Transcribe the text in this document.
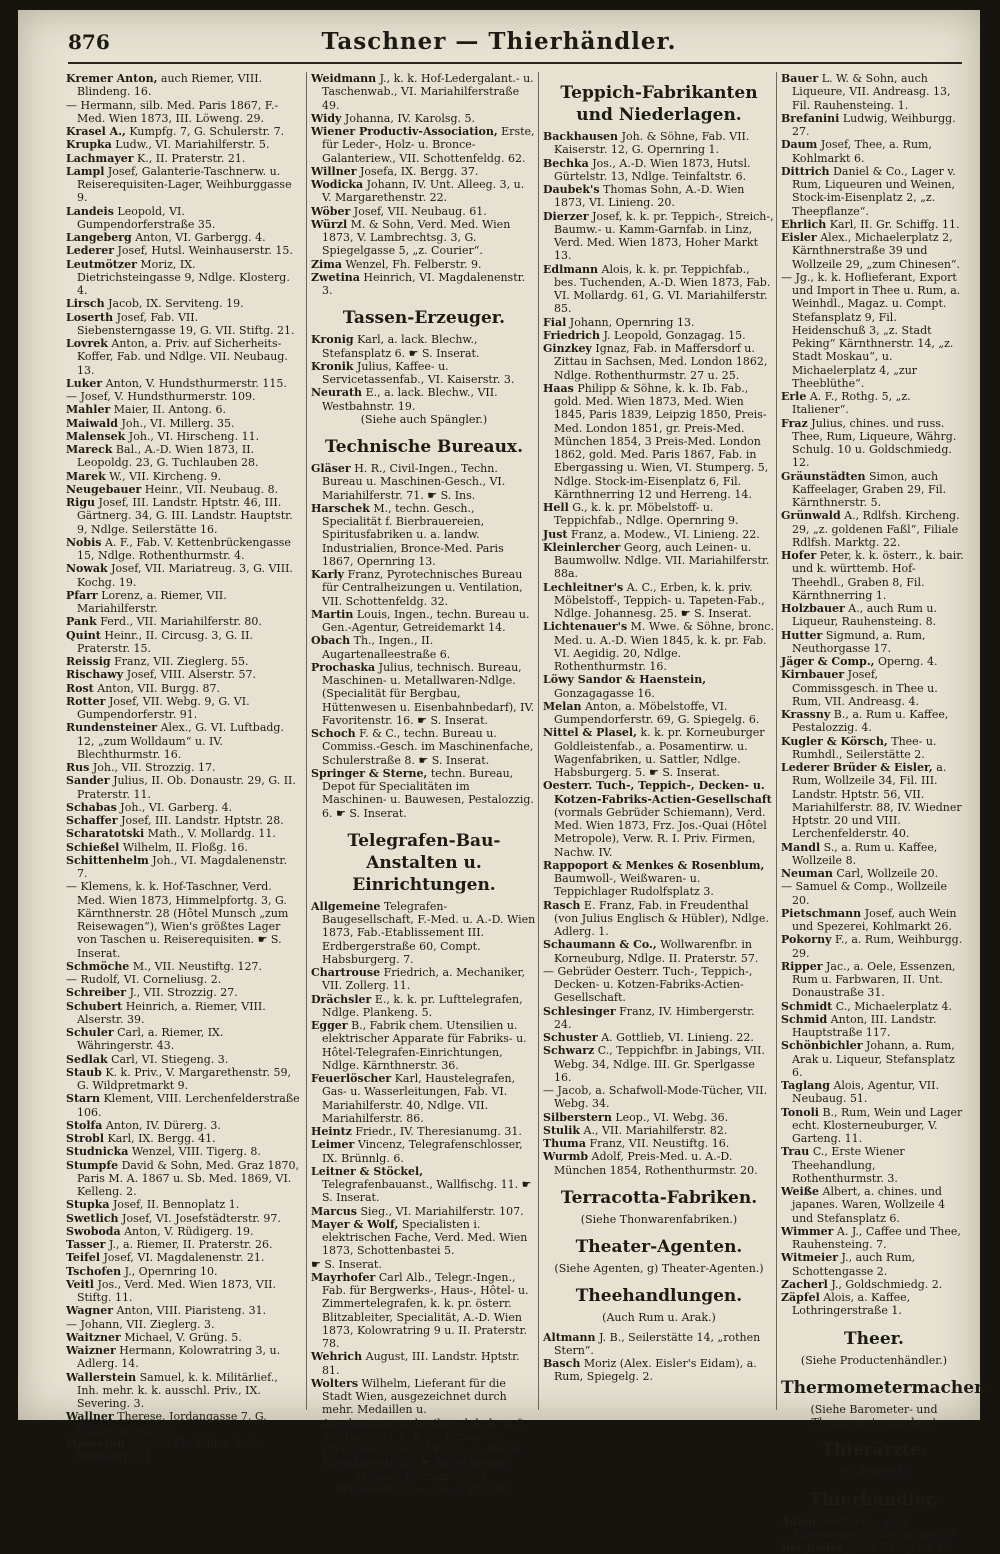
876	Taschner — Thierhändler.

Kremer Anton, auch Riemer, VIII. Blindeng. 16.

— Hermann, silb. Med. Paris 1867, F.-Med. Wien 1873, III. Löweng. 29.

Krasel A., Kumpfg. 7, G. Schulerstr. 7.

Krupka Ludw., VI. Mariahilferstr. 5.

Lachmayer K., II. Praterstr. 21.

Lampl Josef, Galanterie-Taschnerw. u. Reiserequisiten-Lager, Weihburggasse 9.

Landeis Leopold, VI. Gumpendorferstraße 35.

Langeberg Anton, VI. Garbergg. 4.

Lederer Josef, Hutsl. Weinhauserstr. 15.

Leutmötzer Moriz, IX. Dietrichsteingasse 9, Ndlge. Klosterg. 4.

Lirsch Jacob, IX. Serviteng. 19.

Loserth Josef, Fab. VII. Siebensterngasse 19, G. VII. Stiftg. 21.

Lovrek Anton, a. Priv. auf Sicherheits-Koffer, Fab. und Ndlge. VII. Neubaug. 13.

Luker Anton, V. Hundsthurmerstr. 115.

— Josef, V. Hundsthurmerstr. 109.

Mahler Maier, II. Antong. 6.

Maiwald Joh., VI. Millerg. 35.

Malensek Joh., VI. Hirscheng. 11.

Mareck Bal., A.-D. Wien 1873, II. Leopoldg. 23, G. Tuchlauben 28.

Marek W., VII. Kircheng. 9.

Neugebauer Heinr., VII. Neubaug. 8.

Rigu Josef, III. Landstr. Hptstr. 46, III. Gärtnerg. 34, G. III. Landstr. Hauptstr. 9, Ndlge. Seilerstätte 16.

Nobis A. F., Fab. V. Kettenbrückengasse 15, Ndlge. Rothenthurmstr. 4.

Nowak Josef, VII. Mariatreug. 3, G. VIII. Kochg. 19.

Pfarr Lorenz, a. Riemer, VII. Mariahilferstr.

Pank Ferd., VII. Mariahilferstr. 80.

Quint Heinr., II. Circusg. 3, G. II. Praterstr. 15.

Reissig Franz, VII. Zieglerg. 55.

Rischawy Josef, VIII. Alserstr. 57.

Rost Anton, VII. Burgg. 87.

Rotter Josef, VII. Webg. 9, G. VI. Gumpendorferstr. 91.

Rundensteiner Alex., G. VI. Luftbadg. 12, „zum Wolldaum“ u. IV. Blechthurmstr. 16.

Rus Joh., VII. Strozzig. 17.

Sander Julius, II. Ob. Donaustr. 29, G. II. Praterstr. 11.

Schabas Joh., VI. Garberg. 4.

Schaffer Josef, III. Landstr. Hptstr. 28.

Scharatotski Math., V. Mollardg. 11.

Schießel Wilhelm, II. Floßg. 16.

Schittenhelm Joh., VI. Magdalenenstr. 7.

— Klemens, k. k. Hof-Taschner, Verd. Med. Wien 1873, Himmelpfortg. 3, G. Kärnthnerstr. 28 (Hôtel Munsch „zum Reisewagen“), Wien's größtes Lager von Taschen u. Reiserequisiten. ☛ S. Inserat.

Schmöche M., VII. Neustiftg. 127.

— Rudolf, VI. Corneliusg. 2.

Schreiber J., VII. Strozzig. 27.

Schubert Heinrich, a. Riemer, VIII. Alserstr. 39.

Schuler Carl, a. Riemer, IX. Währingerstr. 43.

Sedlak Carl, VI. Stiegeng. 3.

Staub K. k. Priv., V. Margarethenstr. 59, G. Wildpretmarkt 9.

Starn Klement, VIII. Lerchenfelderstraße 106.

Stolfa Anton, IV. Dürerg. 3.

Strobl Karl, IX. Bergg. 41.

Studnicka Wenzel, VIII. Tigerg. 8.

Stumpfe David & Sohn, Med. Graz 1870, Paris M. A. 1867 u. Sb. Med. 1869, VI. Kelleng. 2.

Stupka Josef, II. Bennoplatz 1.

Swetlich Josef, VI. Josefstädterstr. 97.

Swoboda Anton, V. Rüdigerg. 19.

Tasser J., a. Riemer, II. Praterstr. 26.

Teifel Josef, VI. Magdalenenstr. 21.

Tschofen J., Opernring 10.

Veitl Jos., Verd. Med. Wien 1873, VII. Stiftg. 11.

Wagner Anton, VIII. Piaristeng. 31.

— Johann, VII. Zieglerg. 3.

Waitzner Michael, V. Grüng. 5.

Waizner Hermann, Kolowratring 3, u. Adlerg. 14.

Wallerstein Samuel, k. k. Militärlief., Inh. mehr. k. k. ausschl. Priv., IX. Severing. 3.

Wallner Therese, Jordangasse 7, G. Goldschmiedg. 2.

Wasserab Johann, Fh. Zinkg. 9, G. Weihburgg. 1.

Weidmann J., k. k. Hof-Ledergalant.- u. Taschenwab., VI. Mariahilferstraße 49.

Widy Johanna, IV. Karolsg. 5.

Wiener Productiv-Association, Erste, für Leder-, Holz- u. Bronce-Galanteriew., VII. Schottenfeldg. 62.

Willner Josefa, IX. Bergg. 37.

Wodicka Johann, IV. Unt. Alleeg. 3, u. V. Margarethenstr. 22.

Wöber Josef, VII. Neubaug. 61.

Würzl M. & Sohn, Verd. Med. Wien 1873, V. Lambrechtsg. 3, G. Spiegelgasse 5, „z. Courier“.

Zima Wenzel, Fh. Felberstr. 9.

Zwetina Heinrich, VI. Magdalenenstr. 3.

Tassen-Erzeuger.

Kronig Karl, a. lack. Blechw., Stefansplatz 6. ☛ S. Inserat.

Kronik Julius, Kaffee- u. Servicetassenfab., VI. Kaiserstr. 3.

Neurath E., a. lack. Blechw., VII. Westbahnstr. 19.

(Siehe auch Spängler.)

Technische Bureaux.

Gläser H. R., Civil-Ingen., Techn. Bureau u. Maschinen-Gesch., VI. Mariahilferstr. 71. ☛ S. Ins.

Harschek M., techn. Gesch., Specialität f. Bierbrauereien, Spiritusfabriken u. a. landw. Industrialien, Bronce-Med. Paris 1867, Opernring 13.

Karly Franz, Pyrotechnisches Bureau für Centralheizungen u. Ventilation, VII. Schottenfeldg. 32.

Martin Louis, Ingen., techn. Bureau u. Gen.-Agentur, Getreidemarkt 14.

Obach Th., Ingen., II. Augartenalleestraße 6.

Prochaska Julius, technisch. Bureau, Maschinen- u. Metallwaren-Ndlge. (Specialität für Bergbau, Hüttenwesen u. Eisenbahnbedarf), IV. Favoritenstr. 16. ☛ S. Inserat.

Schoch F. & C., techn. Bureau u. Commiss.-Gesch. im Maschinenfache, Schulerstraße 8. ☛ S. Inserat.

Springer & Sterne, techn. Bureau, Depot für Specialitäten im Maschinen- u. Bauwesen, Pestalozzig. 6. ☛ S. Inserat.

Telegrafen-Bau-Anstalten u. Einrichtungen.

Allgemeine Telegrafen-Baugesellschaft, F.-Med. u. A.-D. Wien 1873, Fab.-Etablissement III. Erdbergerstraße 60, Compt. Habsburgerg. 7.

Chartrouse Friedrich, a. Mechaniker, VII. Zollerg. 11.

Drächsler E., k. k. pr. Lufttelegrafen, Ndlge. Plankeng. 5.

Egger B., Fabrik chem. Utensilien u. elektrischer Apparate für Fabriks- u. Hôtel-Telegrafen-Einrichtungen, Ndlge. Kärnthnerstr. 36.

Feuerlöscher Karl, Haustelegrafen, Gas- u. Wasserleitungen, Fab. VI. Mariahilferstr. 40, Ndlge. VII. Mariahilferstr. 86.

Heintz Friedr., IV. Theresianumg. 31.

Leimer Vincenz, Telegrafenschlosser, IX. Brünnlg. 6.

Leitner & Stöckel, Telegrafenbauanst., Wallfischg. 11. ☛ S. Inserat.

Marcus Sieg., VI. Mariahilferstr. 107.

Mayer & Wolf, Specialisten i. elektrischen Fache, Verd. Med. Wien 1873, Schottenbastei 5.

☛ S. Inserat.

Mayrhofer Carl Alb., Telegr.-Ingen., Fab. für Bergwerks-, Haus-, Hôtel- u. Zimmertelegrafen, k. k. pr. österr. Blitzableiter, Specialität, A.-D. Wien 1873, Kolowratring 9 u. II. Praterstr. 78.

Wehrich August, III. Landstr. Hptstr. 81.

Wolters Wilhelm, Lieferant für die Stadt Wien, ausgezeichnet durch mehr. Medaillen u. Anerkennungsschreiben d. k. k. n. ö. Statthalterei, k. k. pr. Zimmer- u. Haus-Telegrafen, V. Kohlg. 3, Ndlge. Kärnthnerstr. 20. ☛ Siehe Inserat.

(S. auch Instrumente: 2. Mathematische, opt. u. physik.)

Teppich-Fabrikanten und Niederlagen.

Backhausen Joh. & Söhne, Fab. VII. Kaiserstr. 12, G. Opernring 1.

Bechka Jos., A.-D. Wien 1873, Hutsl. Gürtelstr. 13, Ndlge. Teinfaltstr. 6.

Daubek's Thomas Sohn, A.-D. Wien 1873, VI. Linieng. 20.

Dierzer Josef, k. k. pr. Teppich-, Streich-, Baumw.- u. Kamm-Garnfab. in Linz, Verd. Med. Wien 1873, Hoher Markt 13.

Edlmann Alois, k. k. pr. Teppichfab., bes. Tuchenden, A.-D. Wien 1873, Fab. VI. Mollardg. 61, G. VI. Mariahilferstr. 85.

Fial Johann, Opernring 13.

Friedrich J. Leopold, Gonzagag. 15.

Ginzkey Ignaz, Fab. in Maffersdorf u. Zittau in Sachsen, Med. London 1862, Ndlge. Rothenthurmstr. 27 u. 25.

Haas Philipp & Söhne, k. k. Ib. Fab., gold. Med. Wien 1873, Med. Wien 1845, Paris 1839, Leipzig 1850, Preis-Med. London 1851, gr. Preis-Med. München 1854, 3 Preis-Med. London 1862, gold. Med. Paris 1867, Fab. in Ebergassing u. Wien, VI. Stumperg. 5, Ndlge. Stock-im-Eisenplatz 6, Fil. Kärnthnerring 12 und Herreng. 14.

Hell G., k. k. pr. Möbelstoff- u. Teppichfab., Ndlge. Opernring 9.

Just Franz, a. Modew., VI. Linieng. 22.

Kleinlercher Georg, auch Leinen- u. Baumwollw. Ndlge. VII. Mariahilferstr. 88a.

Lechleitner's A. C., Erben, k. k. priv. Möbelstoff-, Teppich- u. Tapeten-Fab., Ndlge. Johannesg. 25. ☛ S. Inserat.

Lichtenauer's M. Wwe. & Söhne, bronc. Med. u. A.-D. Wien 1845, k. k. pr. Fab. VI. Aegidig. 20, Ndlge. Rothenthurmstr. 16.

Löwy Sandor & Haenstein, Gonzagagasse 16.

Melan Anton, a. Möbelstoffe, VI. Gumpendorferstr. 69, G. Spiegelg. 6.

Nittel & Plasel, k. k. pr. Korneuburger Goldleistenfab., a. Posamentirw. u. Wagenfabriken, u. Sattler, Ndlge. Habsburgerg. 5. ☛ S. Inserat.

Oesterr. Tuch-, Teppich-, Decken- u. Kotzen-Fabriks-Actien-Gesellschaft (vormals Gebrüder Schiemann), Verd. Med. Wien 1873, Frz. Jos.-Quai (Hôtel Metropole), Verw. R. I. Priv. Firmen, Nachw. IV.

Rappoport & Menkes & Rosenblum, Baumwoll-, Weißwaren- u. Teppichlager Rudolfsplatz 3.

Rasch E. Franz, Fab. in Freudenthal (von Julius Englisch & Hübler), Ndlge. Adlerg. 1.

Schaumann & Co., Wollwarenfbr. in Korneuburg, Ndlge. II. Praterstr. 57.

— Gebrüder Oesterr. Tuch-, Teppich-, Decken- u. Kotzen-Fabriks-Actien-Gesellschaft.

Schlesinger Franz, IV. Himbergerstr. 24.

Schuster A. Gottlieb, VI. Linieng. 22.

Schwarz C., Teppichfbr. in Jabings, VII. Webg. 34, Ndlge. III. Gr. Sperlgasse 16.

— Jacob, a. Schafwoll-Mode-Tücher, VII. Webg. 34.

Silberstern Leop., VI. Webg. 36.

Stulik A., VII. Mariahilferstr. 82.

Thuma Franz, VII. Neustiftg. 16.

Wurmb Adolf, Preis-Med. u. A.-D. München 1854, Rothenthurmstr. 20.

Terracotta-Fabriken.

(Siehe Thonwarenfabriken.)

Theater-Agenten.

(Siehe Agenten, g) Theater-Agenten.)

Theehandlungen.

(Auch Rum u. Arak.)

Altmann J. B., Seilerstätte 14, „rothen Stern“.

Basch Moriz (Alex. Eisler's Eidam), a. Rum, Spiegelg. 2.

Bauer L. W. & Sohn, auch Liqueure, VII. Andreasg. 13, Fil. Rauhensteing. 1.

Brefanini Ludwig, Weihburgg. 27.

Daum Josef, Thee, a. Rum, Kohlmarkt 6.

Dittrich Daniel & Co., Lager v. Rum, Liqueuren und Weinen, Stock-im-Eisenplatz 2, „z. Theepflanze“.

Ehrlich Karl, II. Gr. Schiffg. 11.

Eisler Alex., Michaelerplatz 2, Kärnthnerstraße 39 und Wollzeile 29, „zum Chinesen“.

— Jg., k. k. Hoflieferant, Export und Import in Thee u. Rum, a. Weinhdl., Magaz. u. Compt. Stefansplatz 9, Fil. Heidenschuß 3, „z. Stadt Peking“ Kärnthnerstr. 14, „z. Stadt Moskau“, u. Michaelerplatz 4, „zur Theeblüthe“.

Erle A. F., Rothg. 5, „z. Italiener“.

Fraz Julius, chines. und russ. Thee, Rum, Liqueure, Währg. Schulg. 10 u. Goldschmiedg. 12.

Gräunstädten Simon, auch Kaffeelager, Graben 29, Fil. Kärnthnerstr. 5.

Grünwald A., Rdlfsh. Kircheng. 29, „z. goldenen Faßl“, Filiale Rdlfsh. Marktg. 22.

Hofer Peter, k. k. österr., k. bair. und k. württemb. Hof-Theehdl., Graben 8, Fil. Kärnthnerring 1.

Holzbauer A., auch Rum u. Liqueur, Rauhensteing. 8.

Hutter Sigmund, a. Rum, Neuthorgasse 17.

Jäger & Comp., Operng. 4.

Kirnbauer Josef, Commissgesch. in Thee u. Rum, VII. Andreasg. 4.

Krassny B., a. Rum u. Kaffee, Pestalozzig. 4.

Kugler & Körsch, Thee- u. Rumhdl., Seilerstätte 2.

Lederer Brüder & Eisler, a. Rum, Wollzeile 34, Fil. III. Landstr. Hptstr. 56, VII. Mariahilferstr. 88, IV. Wiedner Hptstr. 20 und VIII. Lerchenfelderstr. 40.

Mandl S., a. Rum u. Kaffee, Wollzeile 8.

Neuman Carl, Wollzeile 20.

— Samuel & Comp., Wollzeile 20.

Pietschmann Josef, auch Wein und Spezerei, Kohlmarkt 26.

Pokorny F., a. Rum, Weihburgg. 29.

Ripper Jac., a. Oele, Essenzen, Rum u. Farbwaren, II. Unt. Donaustraße 31.

Schmidt C., Michaelerplatz 4.

Schmid Anton, III. Landstr. Hauptstraße 117.

Schönbichler Johann, a. Rum, Arak u. Liqueur, Stefansplatz 6.

Taglang Alois, Agentur, VII. Neubaug. 51.

Tonoli B., Rum, Wein und Lager echt. Klosterneuburger, V. Garteng. 11.

Trau C., Erste Wiener Theehandlung, Rothenthurmstr. 3.

Weiße Albert, a. chines. und japanes. Waren, Wollzeile 4 und Stefansplatz 6.

Wimmer A. J., Caffee und Thee, Rauhensteing. 7.

Witmeier J., auch Rum, Schottengasse 2.

Zacherl J., Goldschmiedg. 2.

Zäpfel Alois, a. Kaffee, Lothringerstraße 1.

Theer.

(Siehe Productenhändler.)

Thermometermacher.

(Siehe Barometer- und Thermometermacher.)

Thierärzte.

(S. Aerzte f.)

Thierhändler.

Adam Josef Aug., auch Thierstopfer, Habsburgerg. 7.

Berghofer Josef, Salzgries 10.
